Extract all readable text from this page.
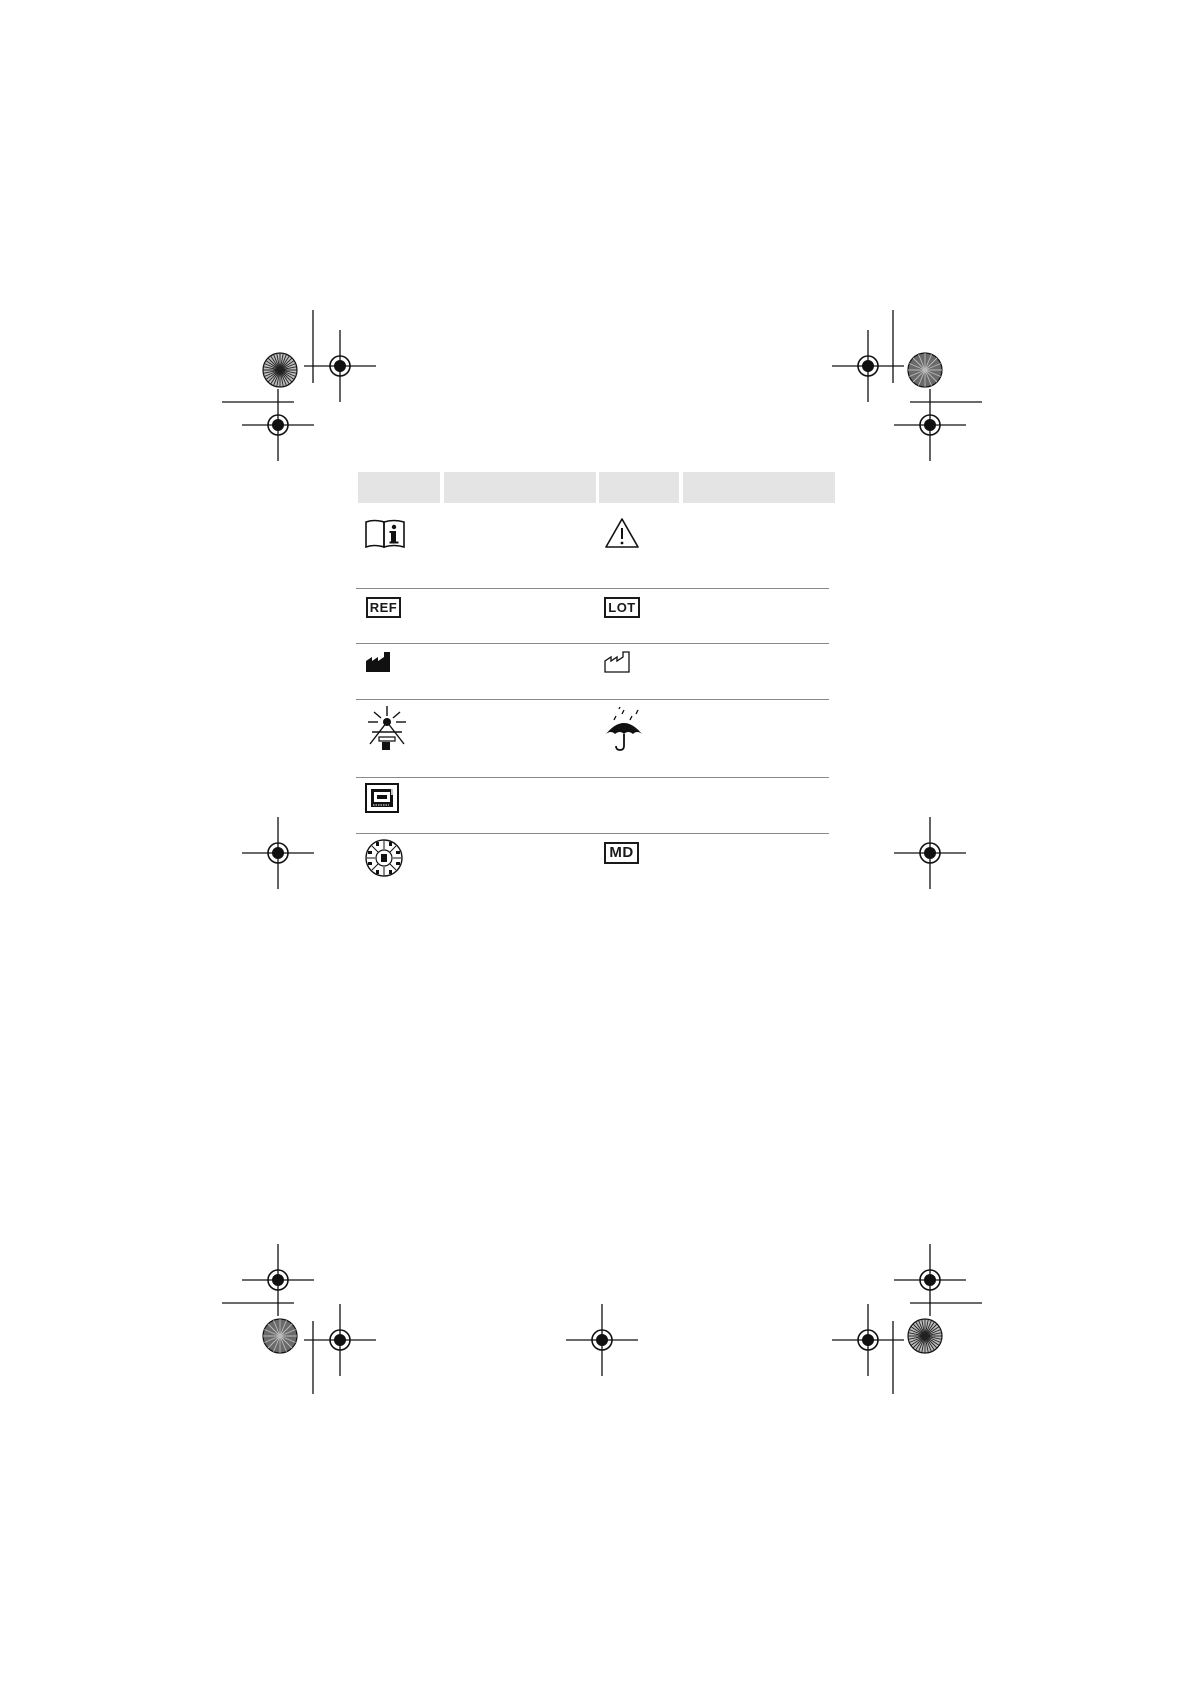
REF	LOT
MD
